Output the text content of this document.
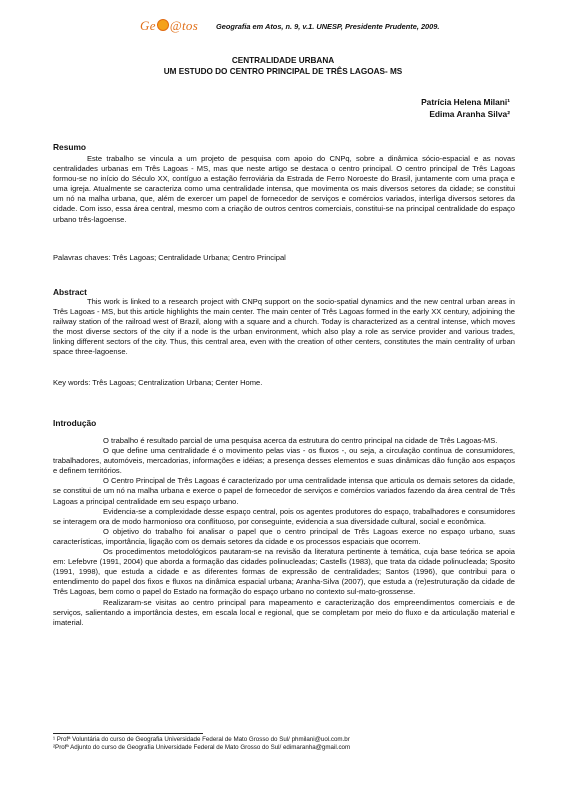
Ge @tos Geografia em Atos, n. 9, v.1. UNESP, Presidente Prudente, 2009.
CENTRALIDADE URBANA
UM ESTUDO DO CENTRO PRINCIPAL DE TRÊS LAGOAS- MS
Patrícia Helena Milani¹
Edima Aranha Silva²
Resumo

Este trabalho se vincula a um projeto de pesquisa com apoio do CNPq, sobre a dinâmica sócio-espacial e as novas centralidades urbanas em Três Lagoas - MS, mas que neste artigo se destaca o centro principal. O centro principal de Três Lagoas formou-se no início do Século XX, contíguo a estação ferroviária da Estrada de Ferro Noroeste do Brasil, juntamente com uma praça e uma igreja. Atualmente se caracteriza como uma centralidade intensa, que movimenta os mais diversos setores da cidade; se constitui um nó na malha urbana, que, além de exercer um papel de fornecedor de serviços e comércios variados, interliga diversos setores da cidade. Com isso, essa área central, mesmo com a criação de outros centros comerciais, constitui-se na principal centralidade do espaço urbano três-lagoense.

Palavras chaves: Três Lagoas; Centralidade Urbana; Centro Principal
Abstract

This work is linked to a research project with CNPq support on the socio-spatial dynamics and the new central urban areas in Três Lagoas - MS, but this article highlights the main center. The main center of Três Lagoas formed in the early XX century, adjoining the railway station of the railroad west of Brazil, along with a square and a church. Today is characterized as a central intense, which moves the most diverse sectors of the city if a node is the urban environment, which also play a role as service provider and various trades, linking different sectors of the city. Thus, this central area, even with the creation of other centers, constitutes the main centrality of urban space three-lagoense.

Key words: Três Lagoas; Centralization Urbana; Center Home.
Introdução

O trabalho é resultado parcial de uma pesquisa acerca da estrutura do centro principal na cidade de Três Lagoas-MS.

O que define uma centralidade é o movimento pelas vias - os fluxos -, ou seja, a circulação contínua de consumidores, trabalhadores, automóveis, mercadorias, informações e idéias; a presença desses elementos e suas dinâmicas dão função aos espaços e definem territórios.

O Centro Principal de Três Lagoas é caracterizado por uma centralidade intensa que articula os demais setores da cidade, se constitui de um nó na malha urbana e exerce o papel de fornecedor de serviços e comércios variados fazendo da área central de Três Lagoas a principal centralidade em seu espaço urbano.

Evidencia-se a complexidade desse espaço central, pois os agentes produtores do espaço, trabalhadores e consumidores se interagem ora de modo harmonioso ora conflituoso, por conseguinte, evidencia a sua diversidade cultural, social e econômica.

O objetivo do trabalho foi analisar o papel que o centro principal de Três Lagoas exerce no espaço urbano, suas características, importância, ligação com os demais setores da cidade e os processos espaciais que ocorrem.

Os procedimentos metodológicos pautaram-se na revisão da literatura pertinente à temática, cuja base teórica se apoia em: Lefebvre (1991, 2004) que aborda a formação das cidades polinucleadas; Castells (1983), que trata da cidade polinucleada; Sposito (1991, 1998), que estuda a cidade e as diferentes formas de expressão de centralidades; Santos (1996), que contribui para o entendimento do papel dos fixos e fluxos na dinâmica espacial urbana; Aranha-Silva (2007), que estuda a (re)estruturação da cidade de Três Lagoas, bem como o papel do Estado na formação do espaço urbano no contexto sul-mato-grossense.

Realizaram-se visitas ao centro principal para mapeamento e caracterização dos empreendimentos comerciais e de serviços, salientando a importância destes, em escala local e regional, que se completam por meio do fluxo e da articulação material e imaterial.

¹ Profª Voluntária do curso de Geografia Universidade Federal de Mato Grosso do Sul/ phmilani@uol.com.br
²Profª Adjunto do curso de Geografia Universidade Federal de Mato Grosso do Sul/ edimaranha@gmail.com
